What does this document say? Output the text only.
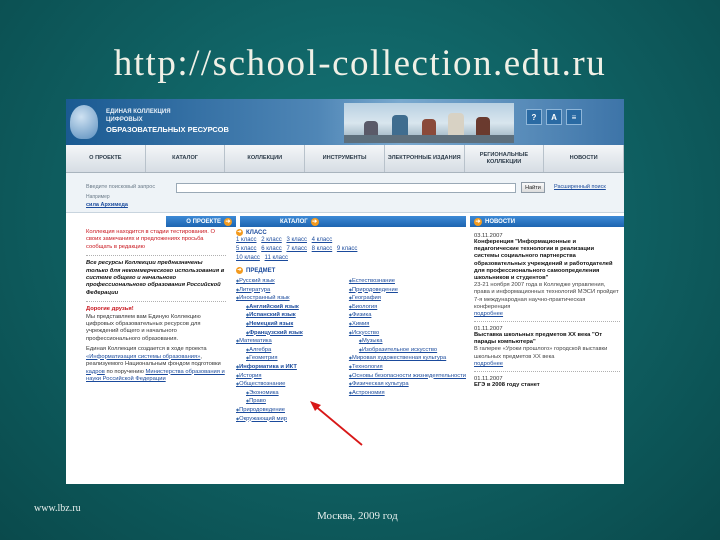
http://school-collection.edu.ru
ЕДИНАЯ КОЛЛЕКЦИЯ
ЦИФРОВЫХ
ОБРАЗОВАТЕЛЬНЫХ РЕСУРСОВ
?	A	≡
О ПРОЕКТЕ	КАТАЛОГ	КОЛЛЕКЦИИ	ИНСТРУМЕНТЫ	ЭЛЕКТРОННЫЕ ИЗДАНИЯ
РЕГИОНАЛЬНЫЕ КОЛЛЕКЦИИ
НОВОСТИ
Введите поисковый запрос	Найти	Расширенный поиск
Например
сила Архимеда
О ПРОЕКТЕ ➔	КАТАЛОГ ➔	➔ НОВОСТИ
Коллекция находится в стадии тестирования. О своих замечаниях и предложениях просьба сообщать в редакцию
Все ресурсы Коллекции предназначены только для некоммерческого использования в системе общего и начального профессионального образования Российской Федерации
Дорогие друзья!
Мы представляем вам Единую Коллекцию цифровых образовательных ресурсов для учреждений общего и начального профессионального образования.
Единая Коллекция создается в ходе проекта «Информатизация системы образования», реализуемого Национальным фондом подготовки кадров по поручению Министерства образования и науки Российской Федерации
➔ КЛАСС
1 класс 2 класс 3 класс 4 класс
5 класс 6 класс 7 класс 8 класс 9 класс
10 класс 11 класс
➔ ПРЕДМЕТ
◆ Русский язык
◆ Литература
◆ Иностранный язык
◆ Английский язык
◆ Испанский язык
◆ Немецкий язык
◆ Французский язык
◆ Математика
◆ Алгебра
◆ Геометрия
◆ Информатика и ИКТ
◆ История
◆ Обществознание
◆ Экономика
◆ Право
◆ Природоведение
◆ Окружающий мир
◆ Естествознание
◆ Природоведение
◆ География
◆ Биология
◆ Физика
◆ Химия
◆ Искусство
◆ Музыка
◆ Изобразительное искусство
◆ Мировая художественная культура
◆ Технология
◆ Основы безопасности жизнедеятельности
◆ Физическая культура
◆ Астрономия
03.11.2007
Конференция "Информационные и педагогические технологии в реализации системы социального партнерства образовательных учреждений и работодателей для профессионального самоопределения школьников и студентов"
23-21 ноября 2007 года в Колледже управления, права и информационных технологий МЭСИ пройдет 7-я международная научно-практическая конференция
подробнее
01.11.2007
Выставка школьных предметов XX века "От парады компьютера"
В галерее «Уроки прошлого» городской выставки школьных предметов XX века
подробнее
01.11.2007
ЕГЭ в 2008 году станет
www.lbz.ru
Москва, 2009 год
